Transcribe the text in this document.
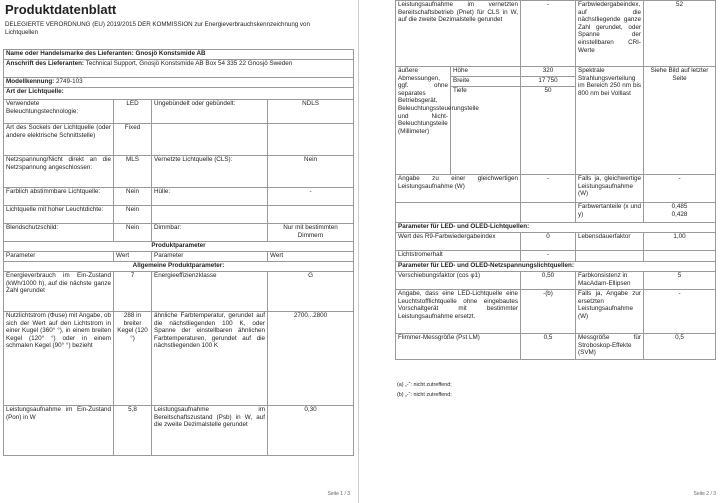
Produktdatenblatt
DELEGIERTE VERORDNUNG (EU) 2019/2015 DER KOMMISSION zur Energieverbrauchskennzeichnung von Lichtquellen
Name oder Handelsmarke des Lieferanten: Gnosjö Konstsmide AB			
Anschrift des Lieferanten: Technical Support, Gnosjö Konstsmide AB Box 54 335 22 Gnosjö Sweden			
Modellkennung: 2749-103			
Art der Lichtquelle:			
Verwendete Beleuchtungstechnologie:	LED	Ungebündelt oder gebündelt:	NDLS
Art des Sockels der Lichtquelle (oder andere elektrische Schnittstelle)	Fixed		
Netzspannung/Nicht direkt an die Netzspannung angeschlossen:	MLS	Vernetzte Lichtquelle (CLS):	Nein
Farblich abstimmbare Lichtquelle:	Nein	Hülle:	-
Lichtquelle mit hoher Leuchtdichte:	Nein		
Blendschutzschild:	Nein	Dimmbar:	Nur mit bestimmten Dimmern
Produktparameter			
Parameter	Wert	Parameter	Wert
Allgemeine Produktparameter:			
Energieverbrauch im Ein-Zustand (kWh/1000 h), auf die nächste ganze Zahl gerundet	7	Energieeffizienzklasse	G
Nutzlichtstrom (Φuse) mit Angabe, ob sich der Wert auf den Lichtstrom in einer Kugel (360° °), in einem breiten Kegel (120° °) oder in einem schmalen Kegel (90° °) bezieht	288 in breiter Kegel (120 °)	ähnliche Farbtemperatur, gerundet auf die nächstliegenden 100 K, oder Spanne der einstellbaren ähnlichen Farbtemperaturen, gerundet auf die nächstliegenden 100 K	2700...2800
Leistungsaufnahme im Ein-Zustand (Pon) in W	5,8	Leistungsaufnahme im Bereitschaftszustand (Psb) in W, auf die zweite Dezimalstelle gerundet	0,30
Seite 1 / 3
Leistungsaufnahme im vernetzten Bereitschaftsbetrieb (Pnet) für CLS in W, auf die zweite Dezimalstelle gerundet		-	Farbwiedergabeindex, auf die nächstliegende ganze Zahl gerundet, oder Spanne der einstellbaren CRI-Werte	52
äußere Abmessungen, ggf. ohne separates Betriebsgerät, Beleuchtungssteuerungsteile und Nicht-Beleuchtungsteile (Millimeter)	Höhe	320	Spektrale Strahlungsverteilung im Bereich 250 nm bis 800 nm bei Volllast	Siehe Bild auf letzter Seite
	Breite	17 750		
	Tiefe	50		
Angabe zu einer gleichwertigen Leistungsaufnahme (W)		-	Falls ja, gleichwertige Leistungsaufnahme (W)	-
			Farbwertanteile (x und y)	0,485
0,428

Parameter für LED- und OLED-Lichtquellen:				
Wert des R9-Farbwiedergabeindex		0	Lebensdauerfaktor	1,00
Lichtstromerhalt		-		
Parameter für LED- und OLED-Netzspannungslichtquellen:				
Verschiebungsfaktor (cos φ1)		0,50	Farbkonsistenz in MacAdam-Ellipsen	5
Angabe, dass eine LED-Lichtquelle eine Leuchtstofflichtquelle ohne eingebautes Vorschaltgerät mit bestimmter Leistungsaufnahme ersetzt.		-(b)	Falls ja, Angabe zur ersetzten Leistungsaufnahme (W)	-
Flimmer-Messgröße (Pst LM)		0,5	Messgröße für Stroboskop-Effekte (SVM)	0,5
(a) „-“: nicht zutreffend;
(b) „-“: nicht zutreffend;
Seite 2 / 3
